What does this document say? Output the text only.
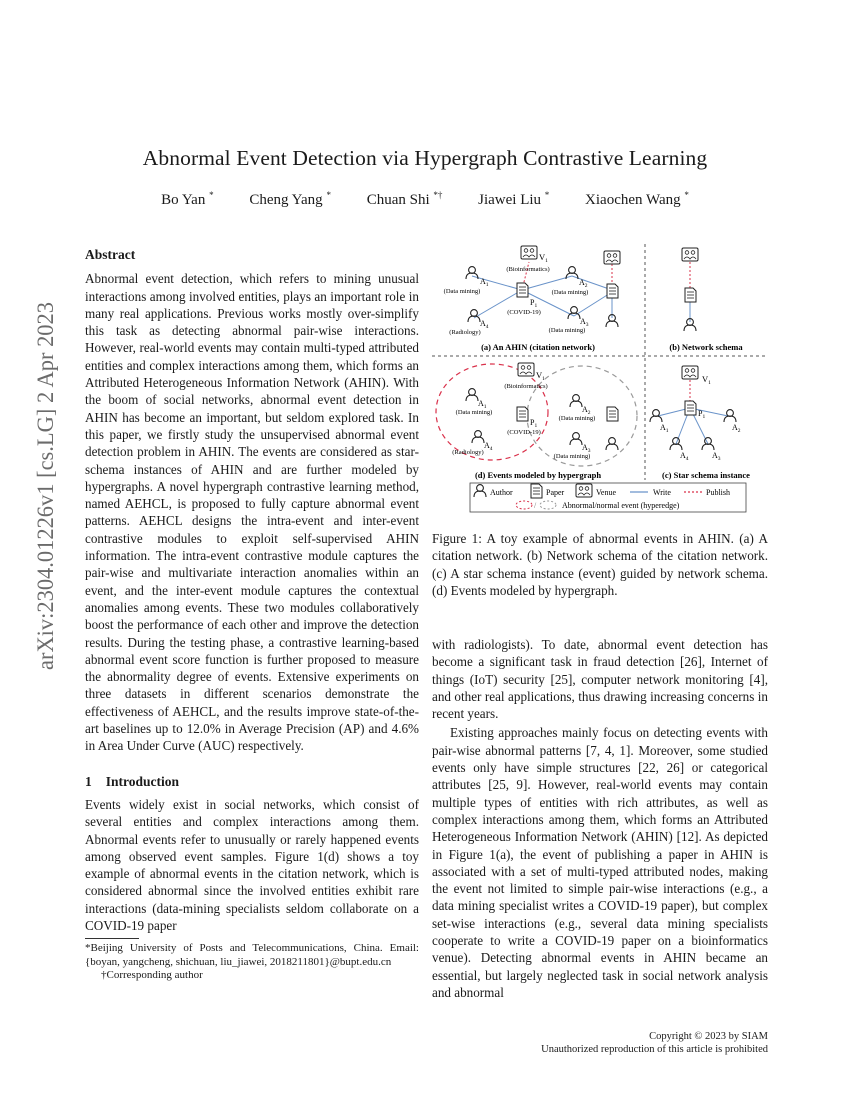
arXiv:2304.01226v1 [cs.LG] 2 Apr 2023
Abnormal Event Detection via Hypergraph Contrastive Learning
Bo Yan * Cheng Yang * Chuan Shi *† Jiawei Liu * Xiaochen Wang *
Abstract

Abnormal event detection, which refers to mining unusual interactions among involved entities, plays an important role in many real applications. Previous works mostly over-simplify this task as detecting abnormal pair-wise interactions. However, real-world events may contain multi-typed attributed entities and complex interactions among them, which forms an Attributed Heterogeneous Information Network (AHIN). With the boom of social networks, abnormal event detection in AHIN has become an important, but seldom explored task. In this paper, we firstly study the unsupervised abnormal event detection problem in AHIN. The events are considered as star-schema instances of AHIN and are further modeled by hypergraphs. A novel hypergraph contrastive learning method, named AEHCL, is proposed to fully capture abnormal event patterns. AEHCL designs the intra-event and inter-event contrastive modules to exploit self-supervised AHIN information. The intra-event contrastive module captures the pair-wise and multivariate interaction anomalies within an event, and the inter-event module captures the contextual anomalies among events. These two modules collaboratively boost the performance of each other and improve the detection results. During the testing phase, a contrastive learning-based abnormal event score function is further proposed to measure the abnormality degree of events. Extensive experiments on three datasets in different scenarios demonstrate the effectiveness of AEHCL, and the results improve state-of-the-art baselines up to 12.0% in Average Precision (AP) and 4.6% in Area Under Curve (AUC) respectively.

1 Introduction

Events widely exist in social networks, which consist of several entities and complex interactions among them. Abnormal events refer to unusually or rarely happened events among observed event samples. Figure 1(d) shows a toy example of abnormal events in the citation network, which is considered abnormal since the involved entities exhibit rare interactions (data-mining specialists seldom collaborate on a COVID-19 paper

*Beijing University of Posts and Telecommunications, China. Email: {boyan, yangcheng, shichuan, liu_jiawei, 2018211801}@bupt.edu.cn

†Corresponding author

$V_1$
(Bioinformatics)
$A_1$
(Data mining)
$P_1$
(COVID-19)
$A_2$
(Data mining)
$A_4$
(Radiology)
$A_3$
(Data mining)
(a) An AHIN (citation network)	(b) Network schema
$V_1$
(Bioinformatics)
$A_1$
(Data mining)
$P_1$
(COVID-19)
$A_2$
(Data mining)
$A_4$
(Radiology)
$A_3$
(Data mining)
(d) Events modeled by hypergraph
$V_1$
$P_1$
$A_1$	$A_2$
$A_4$	$A_3$
(c) Star schema instance
Author	Paper	Venue	Write	Publish
/	Abnormal/normal event (hyperedge)

Figure 1: A toy example of abnormal events in AHIN. (a) A citation network. (b) Network schema of the citation network. (c) A star schema instance (event) guided by network schema. (d) Events modeled by hypergraph.

with radiologists). To date, abnormal event detection has become a significant task in fraud detection [26], Internet of things (IoT) security [25], computer network monitoring [4], and other real applications, thus drawing increasing concerns in recent years.

Existing approaches mainly focus on detecting events with pair-wise abnormal patterns [7, 4, 1]. Moreover, some studied events only have simple structures [22, 26] or categorical attributes [25, 9]. However, real-world events may contain multiple types of entities with rich attributes, as well as complex interactions among them, which forms an Attributed Heterogeneous Information Network (AHIN) [12]. As depicted in Figure 1(a), the event of publishing a paper in AHIN is associated with a set of multi-typed attributed nodes, making the event not limited to simple pair-wise interactions (e.g., a data mining specialist writes a COVID-19 paper), but complex set-wise interactions (e.g., several data mining specialists cooperate to write a COVID-19 paper on a bioinformatics venue). Detecting abnormal events in AHIN became an essential, but largely neglected task in social network analysis and abnormal

Copyright © 2023 by SIAM
Unauthorized reproduction of this article is prohibited
